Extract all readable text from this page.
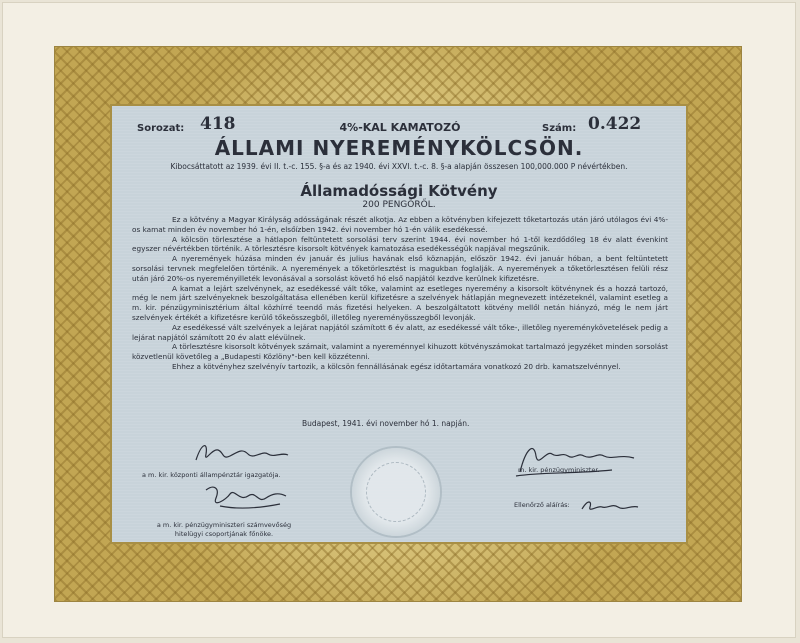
Sorozat: 418	4%-KAL KAMATOZÓ	Szám: 0.422
ÁLLAMI NYEREMÉNYKÖLCSÖN.
Kibocsáttatott az 1939. évi II. t.-c. 155. §-a és az 1940. évi XXVI. t.-c. 8. §-a alapján összesen 100,000.000 P névértékben.
Államadóssági Kötvény
200 PENGŐRŐL.

Ez a kötvény a Magyar Királyság adósságának részét alkotja. Az ebben a kötvényben kifejezett tőketartozás után járó utólagos évi 4%-os kamat minden év november hó 1-én, elsőízben 1942. évi november hó 1-én válik esedékessé.

A kölcsön törlesztése a hátlapon feltüntetett sorsolási terv szerint 1944. évi november hó 1-től kezdődőleg 18 év alatt évenkint egyszer névértékben történik. A törlesztésre kisorsolt kötvények kamatozása esedékességük napjával megszűnik.

A nyeremények húzása minden év január és julius havának első köznapján, először 1942. évi január hóban, a bent feltüntetett sorsolási tervnek megfelelően történik. A nyeremények a tőketörlesztést is magukban foglalják. A nyeremények a tőketörlesztésen felüli rész után járó 20%-os nyereményilleték levonásával a sorsolást követő hó első napjától kezdve kerülnek kifizetésre.

A kamat a lejárt szelvénynek, az esedékessé vált tőke, valamint az esetleges nyeremény a kisorsolt kötvénynek és a hozzá tartozó, még le nem járt szelvényeknek beszolgáltatása ellenében kerül kifizetésre a szelvények hátlapján megnevezett intézeteknél, valamint esetleg a m. kir. pénzügyminisztérium által közhírré teendő más fizetési helyeken. A beszolgáltatott kötvény mellől netán hiányzó, még le nem járt szelvények értékét a kifizetésre kerülő tőkeösszegből, illetőleg nyereményösszegből levonják.

Az esedékessé vált szelvények a lejárat napjától számított 6 év alatt, az esedékessé vált tőke-, illetőleg nyereménykövetelések pedig a lejárat napjától számított 20 év alatt elévülnek.

A törlesztésre kisorsolt kötvények számait, valamint a nyereménnyel kihuzott kötvényszámokat tartalmazó jegyzéket minden sorsolást közvetlenül követőleg a „Budapesti Közlöny"-ben kell közzétenni.

Ehhez a kötvényhez szelvényív tartozik, a kölcsön fennállásának egész időtartamára vonatkozó 20 drb. kamatszelvénnyel.

Budapest, 1941. évi november hó 1. napján.
a m. kir. központi állampénztár igazgatója.
a m. kir. pénzügyminiszteri számvevőség hitelügyi csoportjának főnöke.
m. kir. pénzügyminiszter.
Ellenőrző aláírás:
